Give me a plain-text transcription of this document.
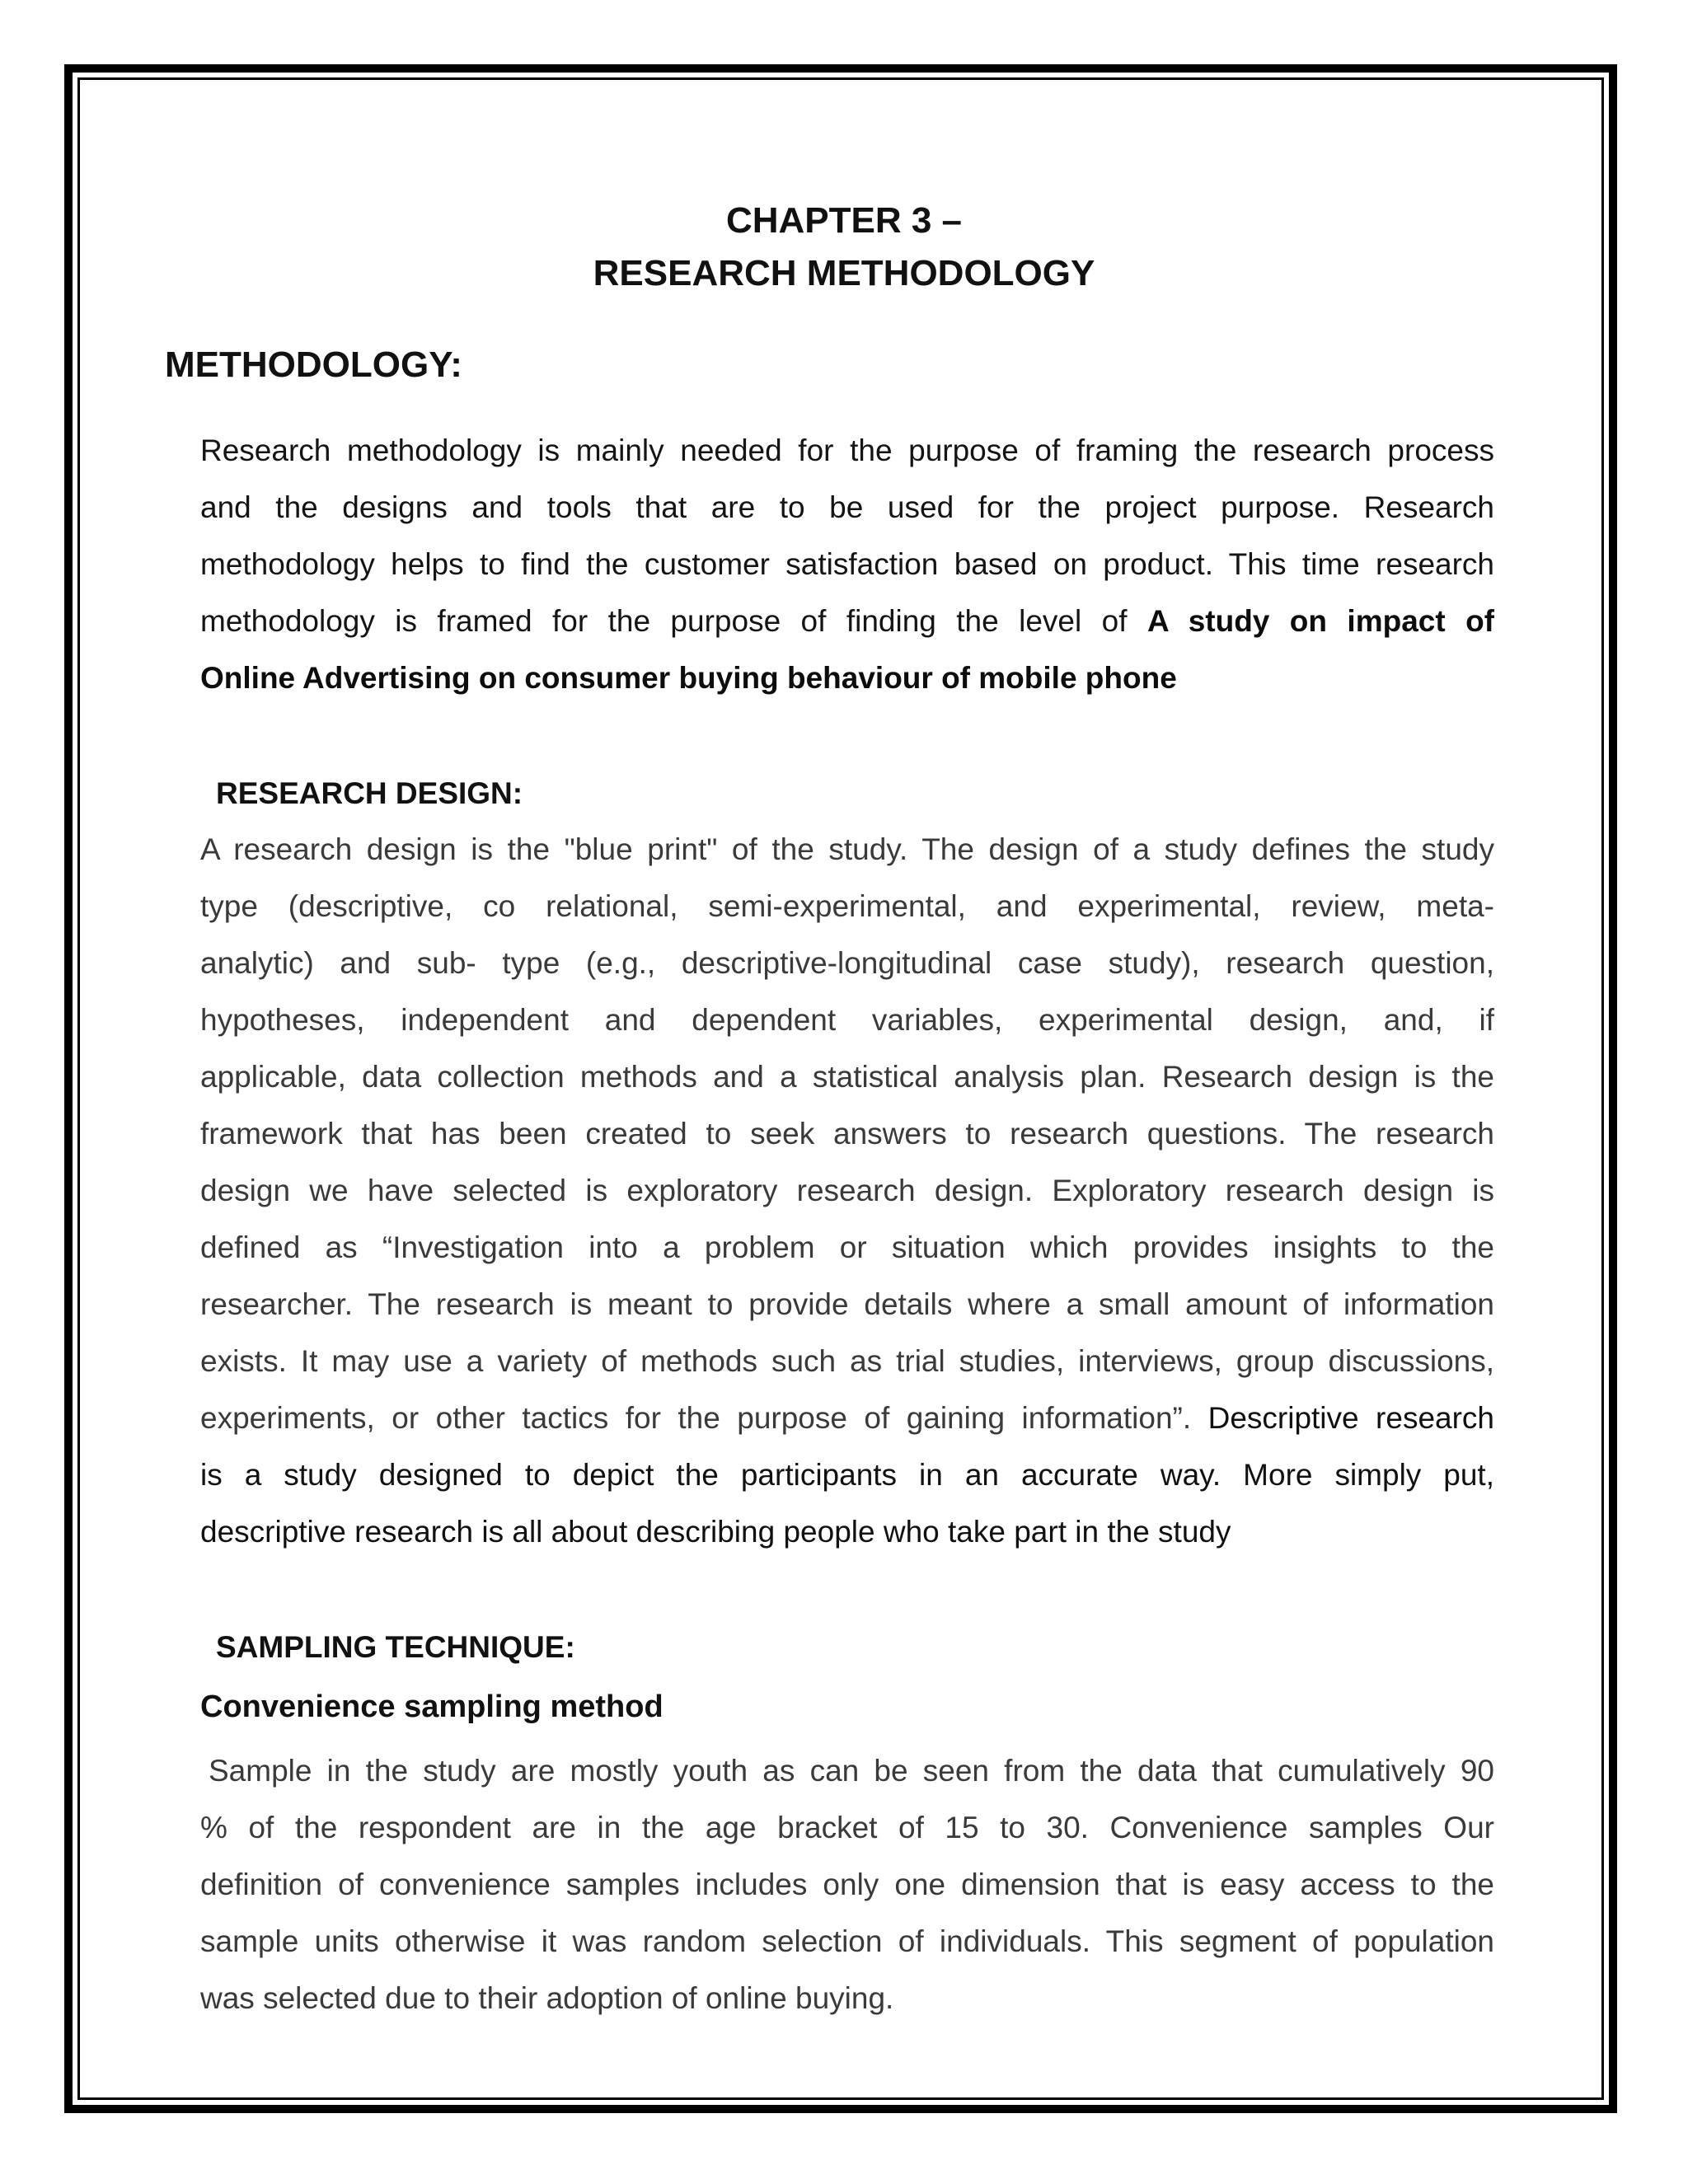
CHAPTER 3 –
RESEARCH METHODOLOGY
METHODOLOGY:
Research methodology is mainly needed for the purpose of framing the research process
and the designs and tools that are to be used for the project purpose. Research
methodology helps to find the customer satisfaction based on product. This time research
methodology is framed for the purpose of finding the level of A study on impact of
Online Advertising on consumer buying behaviour of mobile phone
RESEARCH DESIGN:
A research design is the "blue print" of the study. The design of a study defines the study
type (descriptive, co relational, semi-experimental, and experimental, review, meta-
analytic) and sub- type (e.g., descriptive-longitudinal case study), research question,
hypotheses, independent and dependent variables, experimental design, and, if
applicable, data collection methods and a statistical analysis plan. Research design is the
framework that has been created to seek answers to research questions. The research
design we have selected is exploratory research design. Exploratory research design is
defined as “Investigation into a problem or situation which provides insights to the
researcher. The research is meant to provide details where a small amount of information
exists. It may use a variety of methods such as trial studies, interviews, group discussions,
experiments, or other tactics for the purpose of gaining information”. Descriptive research
is a study designed to depict the participants in an accurate way. More simply put,
descriptive research is all about describing people who take part in the study
SAMPLING TECHNIQUE:
Convenience sampling method
Sample in the study are mostly youth as can be seen from the data that cumulatively 90
% of the respondent are in the age bracket of 15 to 30. Convenience samples Our
definition of convenience samples includes only one dimension that is easy access to the
sample units otherwise it was random selection of individuals. This segment of population
was selected due to their adoption of online buying.
